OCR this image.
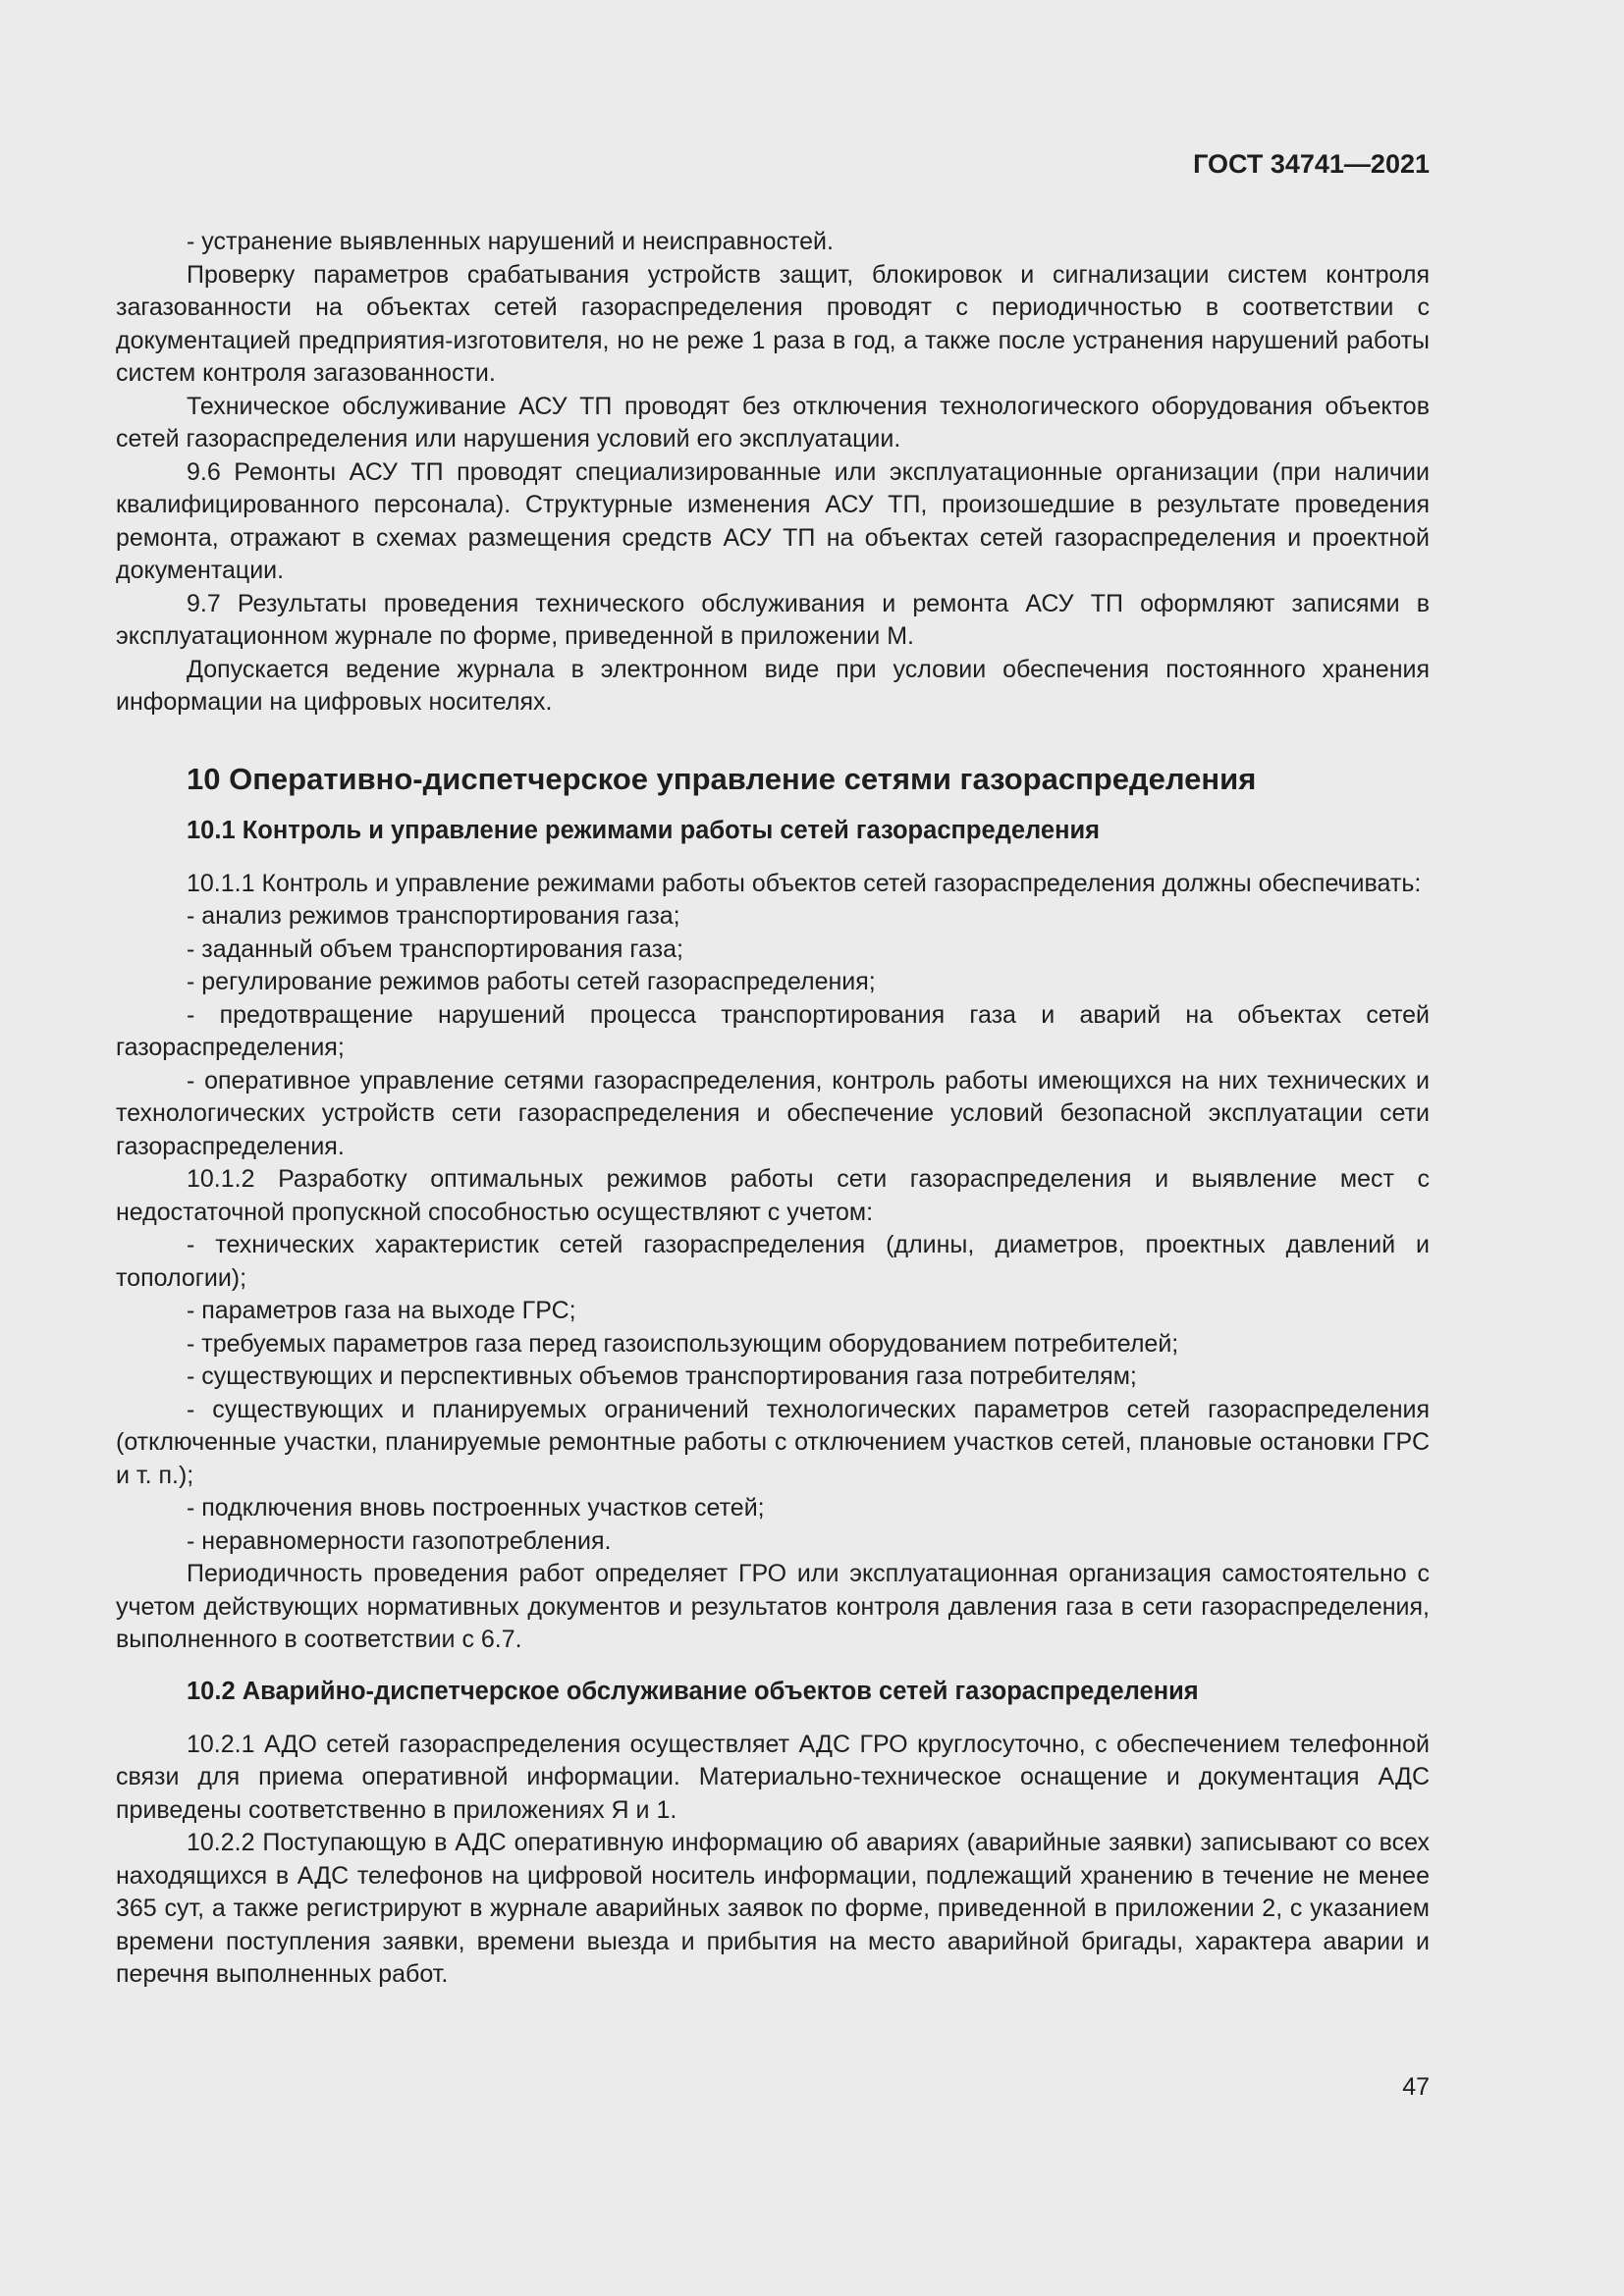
ГОСТ 34741—2021

- устранение выявленных нарушений и неисправностей.

Проверку параметров срабатывания устройств защит, блокировок и сигнализации систем контроля загазованности на объектах сетей газораспределения проводят с периодичностью в соответствии с документацией предприятия-изготовителя, но не реже 1 раза в год, а также после устранения нарушений работы систем контроля загазованности.

Техническое обслуживание АСУ ТП проводят без отключения технологического оборудования объектов сетей газораспределения или нарушения условий его эксплуатации.

9.6 Ремонты АСУ ТП проводят специализированные или эксплуатационные организации (при наличии квалифицированного персонала). Структурные изменения АСУ ТП, произошедшие в результате проведения ремонта, отражают в схемах размещения средств АСУ ТП на объектах сетей газораспределения и проектной документации.

9.7 Результаты проведения технического обслуживания и ремонта АСУ ТП оформляют записями в эксплуатационном журнале по форме, приведенной в приложении М.

Допускается ведение журнала в электронном виде при условии обеспечения постоянного хранения информации на цифровых носителях.

10 Оперативно-диспетчерское управление сетями газораспределения
10.1 Контроль и управление режимами работы сетей газораспределения

10.1.1 Контроль и управление режимами работы объектов сетей газораспределения должны обеспечивать:

- анализ режимов транспортирования газа;

- заданный объем транспортирования газа;

- регулирование режимов работы сетей газораспределения;

- предотвращение нарушений процесса транспортирования газа и аварий на объектах сетей газораспределения;

- оперативное управление сетями газораспределения, контроль работы имеющихся на них технических и технологических устройств сети газораспределения и обеспечение условий безопасной эксплуатации сети газораспределения.

10.1.2 Разработку оптимальных режимов работы сети газораспределения и выявление мест с недостаточной пропускной способностью осуществляют с учетом:

- технических характеристик сетей газораспределения (длины, диаметров, проектных давлений и топологии);

- параметров газа на выходе ГРС;

- требуемых параметров газа перед газоиспользующим оборудованием потребителей;

- существующих и перспективных объемов транспортирования газа потребителям;

- существующих и планируемых ограничений технологических параметров сетей газораспределения (отключенные участки, планируемые ремонтные работы с отключением участков сетей, плановые остановки ГРС и т. п.);

- подключения вновь построенных участков сетей;

- неравномерности газопотребления.

Периодичность проведения работ определяет ГРО или эксплуатационная организация самостоятельно с учетом действующих нормативных документов и результатов контроля давления газа в сети газораспределения, выполненного в соответствии с 6.7.

10.2 Аварийно-диспетчерское обслуживание объектов сетей газораспределения

10.2.1 АДО сетей газораспределения осуществляет АДС ГРО круглосуточно, с обеспечением телефонной связи для приема оперативной информации. Материально-техническое оснащение и документация АДС приведены соответственно в приложениях Я и 1.

10.2.2 Поступающую в АДС оперативную информацию об авариях (аварийные заявки) записывают со всех находящихся в АДС телефонов на цифровой носитель информации, подлежащий хранению в течение не менее 365 сут, а также регистрируют в журнале аварийных заявок по форме, приведенной в приложении 2, с указанием времени поступления заявки, времени выезда и прибытия на место аварийной бригады, характера аварии и перечня выполненных работ.

47
